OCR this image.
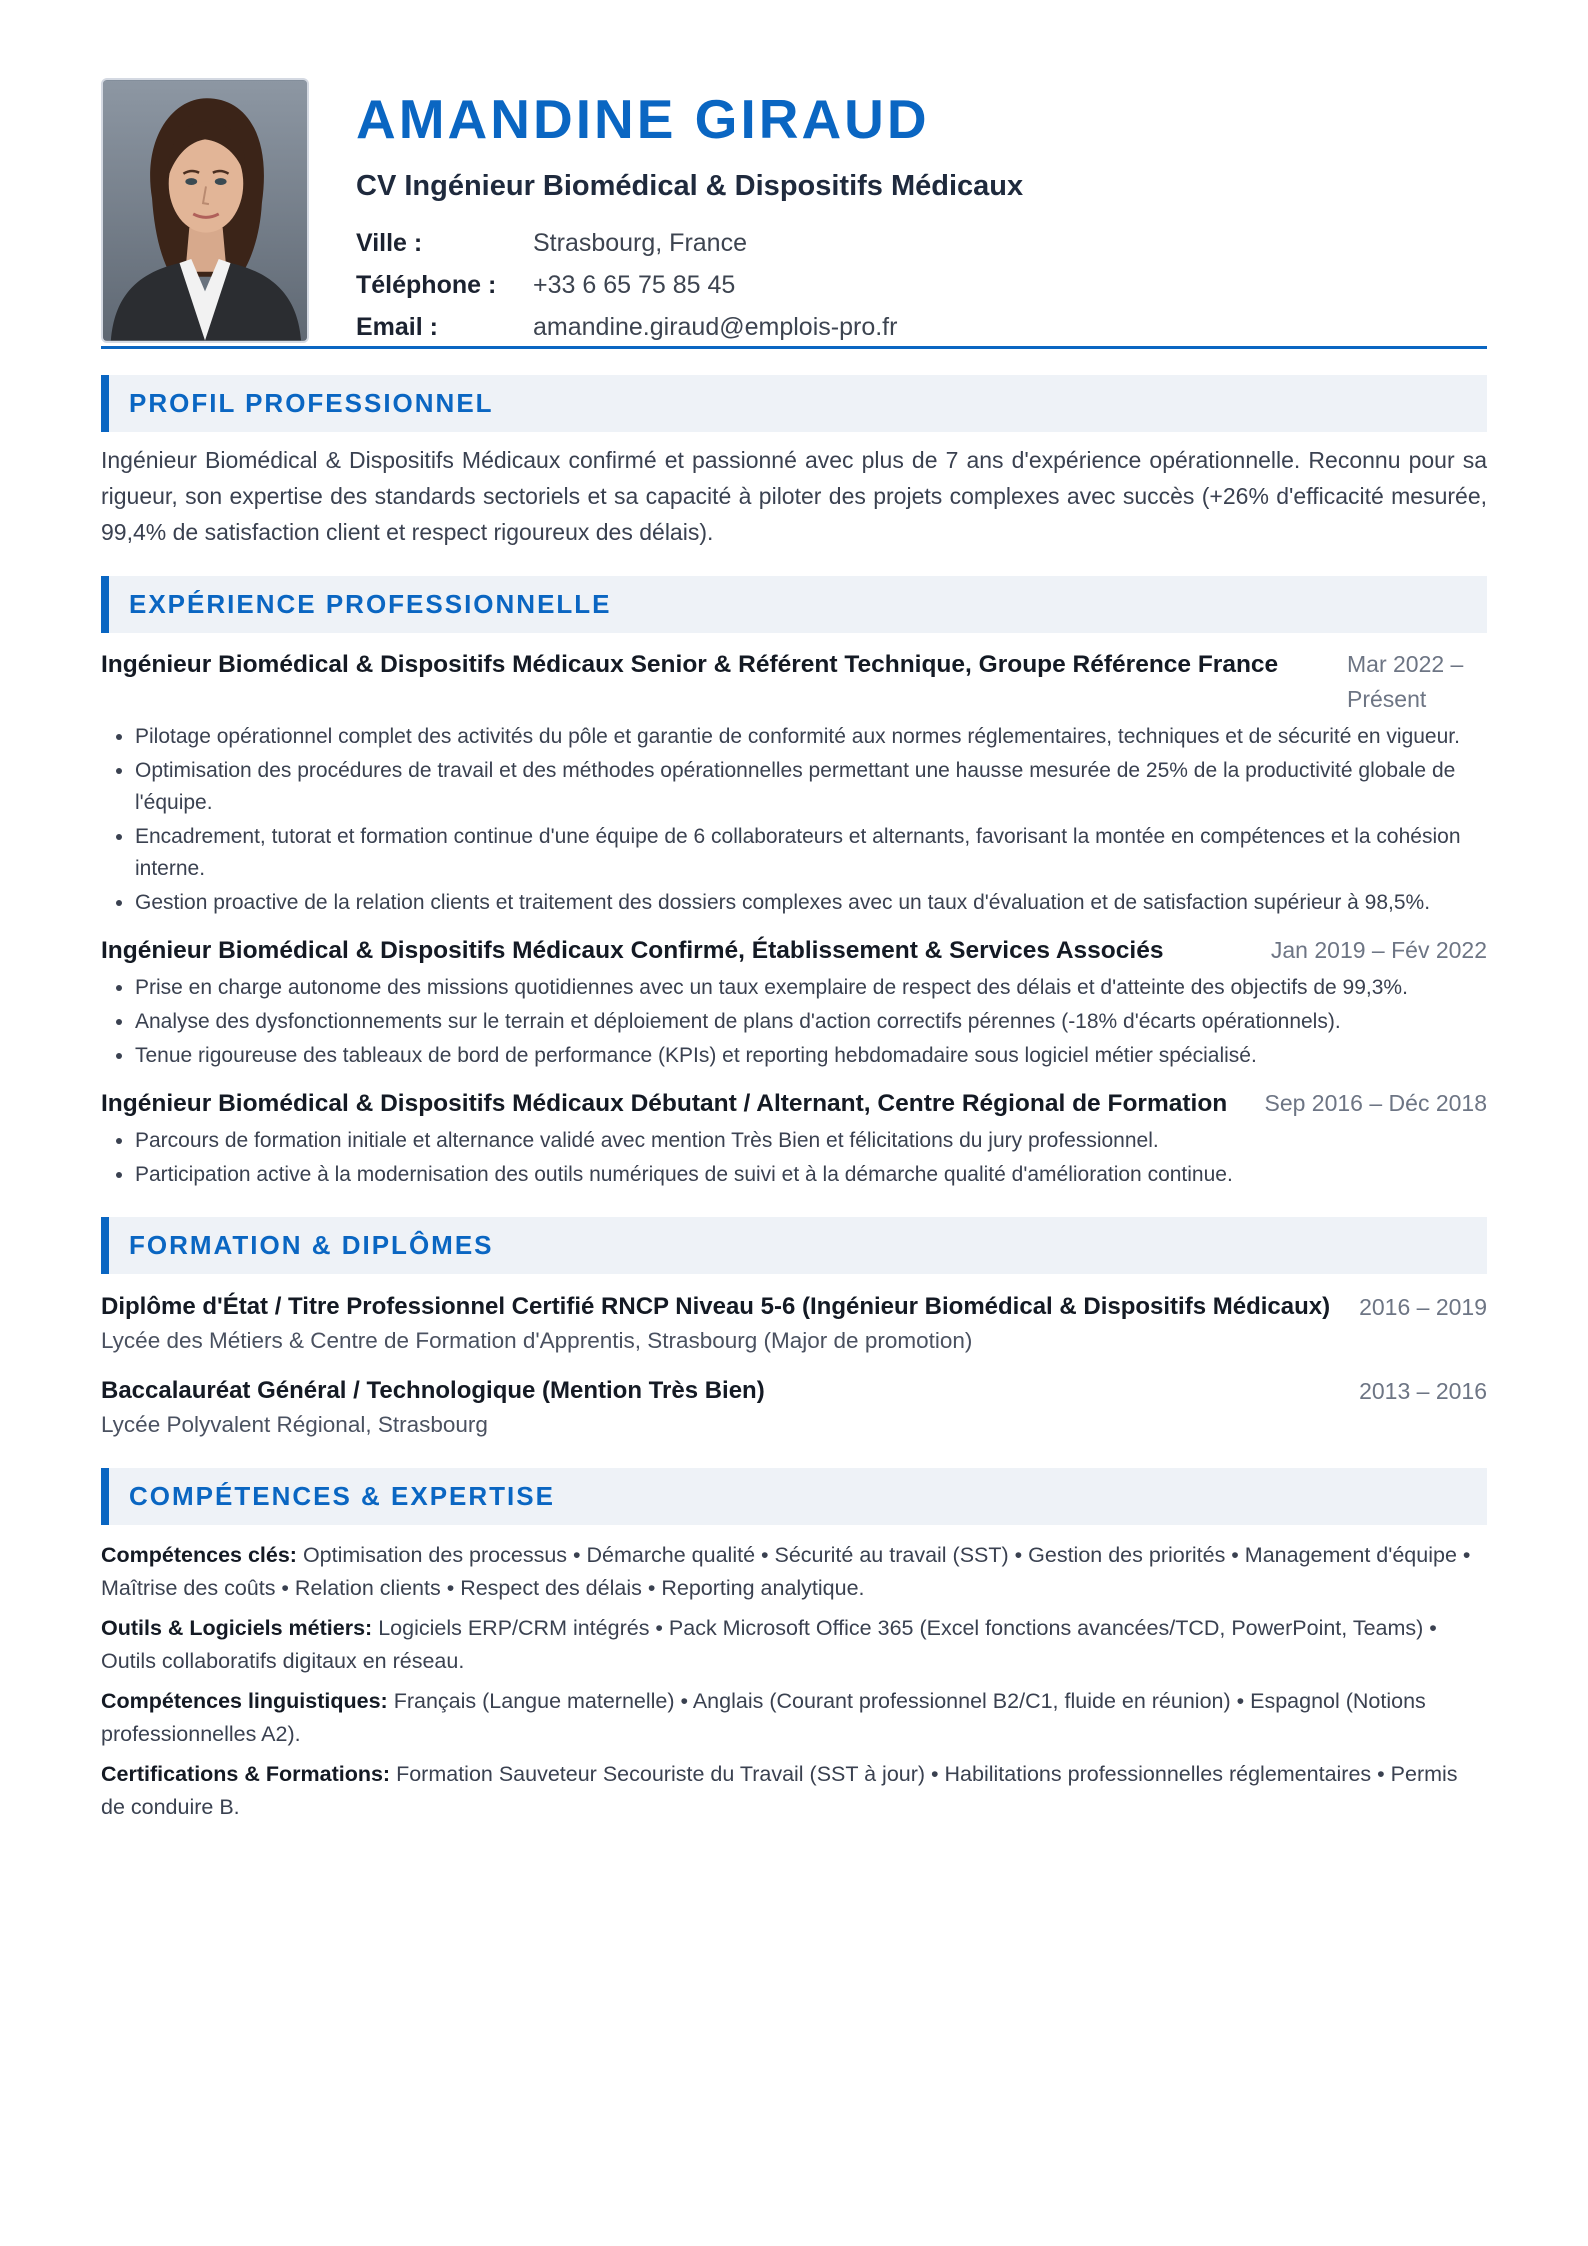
AMANDINE GIRAUD
CV Ingénieur Biomédical & Dispositifs Médicaux
Ville :	Strasbourg, France
Téléphone :	+33 6 65 75 85 45
Email :	amandine.giraud@emplois-pro.fr
PROFIL PROFESSIONNEL

Ingénieur Biomédical & Dispositifs Médicaux confirmé et passionné avec plus de 7 ans d'expérience opérationnelle. Reconnu pour sa rigueur, son expertise des standards sectoriels et sa capacité à piloter des projets complexes avec succès (+26% d'efficacité mesurée, 99,4% de satisfaction client et respect rigoureux des délais).

EXPÉRIENCE PROFESSIONNELLE
Ingénieur Biomédical & Dispositifs Médicaux Senior & Référent Technique, Groupe Référence France	Mar 2022 – Présent
• Pilotage opérationnel complet des activités du pôle et garantie de conformité aux normes réglementaires, techniques et de sécurité en vigueur.
• Optimisation des procédures de travail et des méthodes opérationnelles permettant une hausse mesurée de 25% de la productivité globale de l'équipe.
• Encadrement, tutorat et formation continue d'une équipe de 6 collaborateurs et alternants, favorisant la montée en compétences et la cohésion interne.
• Gestion proactive de la relation clients et traitement des dossiers complexes avec un taux d'évaluation et de satisfaction supérieur à 98,5%.
Ingénieur Biomédical & Dispositifs Médicaux Confirmé, Établissement & Services Associés	Jan 2019 – Fév 2022
• Prise en charge autonome des missions quotidiennes avec un taux exemplaire de respect des délais et d'atteinte des objectifs de 99,3%.
• Analyse des dysfonctionnements sur le terrain et déploiement de plans d'action correctifs pérennes (-18% d'écarts opérationnels).
• Tenue rigoureuse des tableaux de bord de performance (KPIs) et reporting hebdomadaire sous logiciel métier spécialisé.
Ingénieur Biomédical & Dispositifs Médicaux Débutant / Alternant, Centre Régional de Formation Sep 2016 – Déc 2018
• Parcours de formation initiale et alternance validé avec mention Très Bien et félicitations du jury professionnel.
• Participation active à la modernisation des outils numériques de suivi et à la démarche qualité d'amélioration continue.
FORMATION & DIPLÔMES
Diplôme d'État / Titre Professionnel Certifié RNCP Niveau 5-6 (Ingénieur Biomédical & Dispositifs Médicaux) 2016 – 2019
Lycée des Métiers & Centre de Formation d'Apprentis, Strasbourg (Major de promotion)
Baccalauréat Général / Technologique (Mention Très Bien)	2013 – 2016
Lycée Polyvalent Régional, Strasbourg
COMPÉTENCES & EXPERTISE

Compétences clés: Optimisation des processus • Démarche qualité • Sécurité au travail (SST) • Gestion des priorités • Management d'équipe • Maîtrise des coûts • Relation clients • Respect des délais • Reporting analytique.

Outils & Logiciels métiers: Logiciels ERP/CRM intégrés • Pack Microsoft Office 365 (Excel fonctions avancées/TCD, PowerPoint, Teams) • Outils collaboratifs digitaux en réseau.

Compétences linguistiques: Français (Langue maternelle) • Anglais (Courant professionnel B2/C1, fluide en réunion) • Espagnol (Notions professionnelles A2).

Certifications & Formations: Formation Sauveteur Secouriste du Travail (SST à jour) • Habilitations professionnelles réglementaires • Permis de conduire B.
